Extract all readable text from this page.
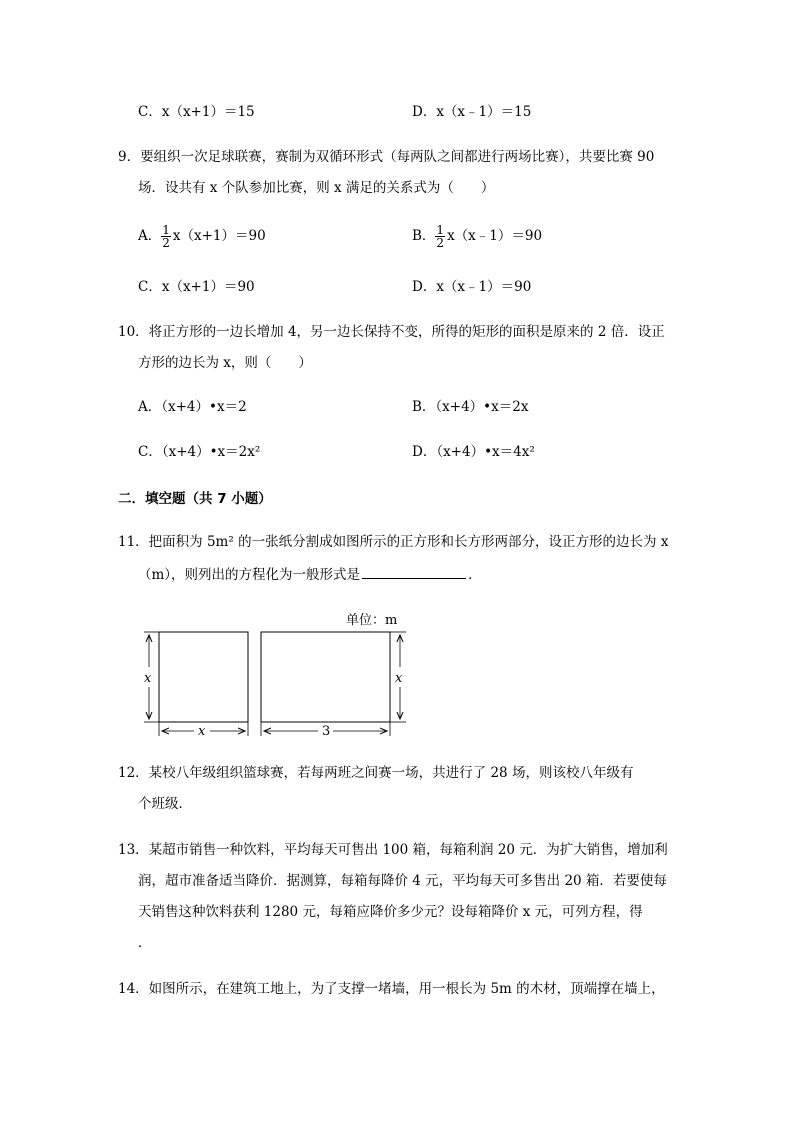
C．x（x+1）＝15	D．x（x﹣1）＝15
9．要组织一次足球联赛，赛制为双循环形式（每两队之间都进行两场比赛），共要比赛 90
场．设共有 x 个队参加比赛，则 x 满足的关系式为（　　）
A． $\frac{1}{2} x(x+1)=90$	B． $\frac{1}{2}$ x（x﹣1）＝90
C．x（x+1）＝90	D．x（x﹣1）＝90
10．将正方形的一边长增加 4，另一边长保持不变，所得的矩形的面积是原来的 2 倍．设正
方形的边长为 x，则（　　）
A．（x+4）•x＝2	B．（x+4）•x＝2x
C．（x+4）•x＝2x²	D．（x+4）•x＝4x²
二．填空题（共 7 小题）
11．把面积为 5m² 的一张纸分割成如图所示的正方形和长方形两部分，设正方形的边长为 x
（m），则列出的方程化为一般形式是	．
单位：m
x
x	3
x
12．某校八年级组织篮球赛，若每两班之间赛一场，共进行了 28 场，则该校八年级有
个班级．
13．某超市销售一种饮料，平均每天可售出 100 箱，每箱利润 20 元．为扩大销售，增加利
润，超市准备适当降价．据测算，每箱每降价 4 元，平均每天可多售出 20 箱．若要使每
天销售这种饮料获利 1280 元，每箱应降价多少元？设每箱降价 x 元，可列方程，得
．
14．如图所示，在建筑工地上，为了支撑一堵墙，用一根长为 5m 的木材，顶端撑在墙上，
